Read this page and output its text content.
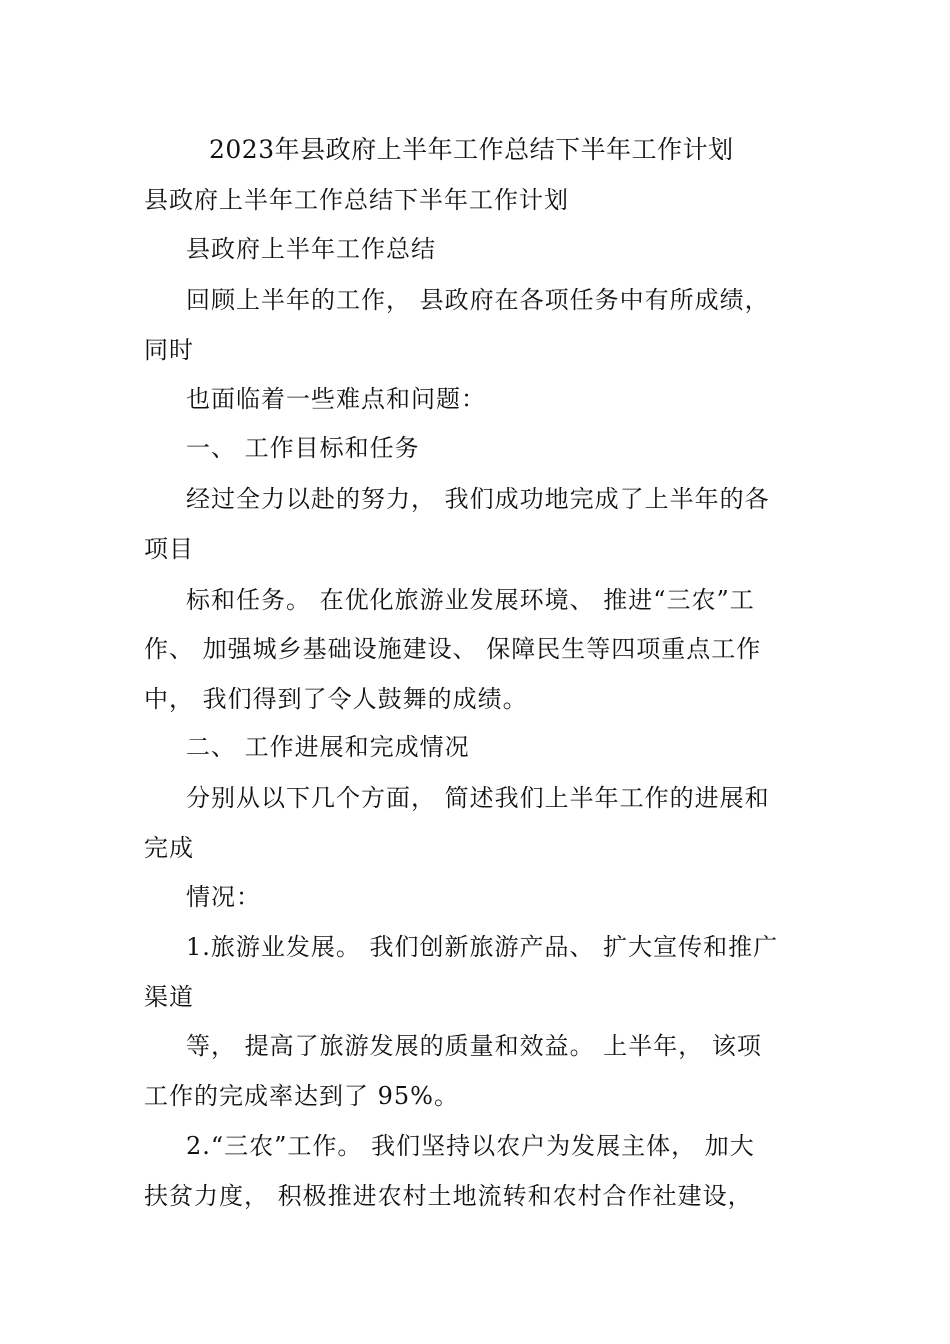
2023年县政府上半年工作总结下半年工作计划
县政府上半年工作总结下半年工作计划
县政府上半年工作总结
回顾上半年的工作， 县政府在各项任务中有所成绩，
同时
也面临着一些难点和问题：
一、 工作目标和任务
经过全力以赴的努力， 我们成功地完成了上半年的各
项目
标和任务。 在优化旅游业发展环境、 推进“三农”工
作、 加强城乡基础设施建设、 保障民生等四项重点工作
中， 我们得到了令人鼓舞的成绩。
二、 工作进展和完成情况
分别从以下几个方面， 简述我们上半年工作的进展和
完成
情况：
1.旅游业发展。 我们创新旅游产品、 扩大宣传和推广
渠道
等， 提高了旅游发展的质量和效益。 上半年， 该项
工作的完成率达到了 95%。
2.“三农”工作。 我们坚持以农户为发展主体， 加大
扶贫力度， 积极推进农村土地流转和农村合作社建设，
